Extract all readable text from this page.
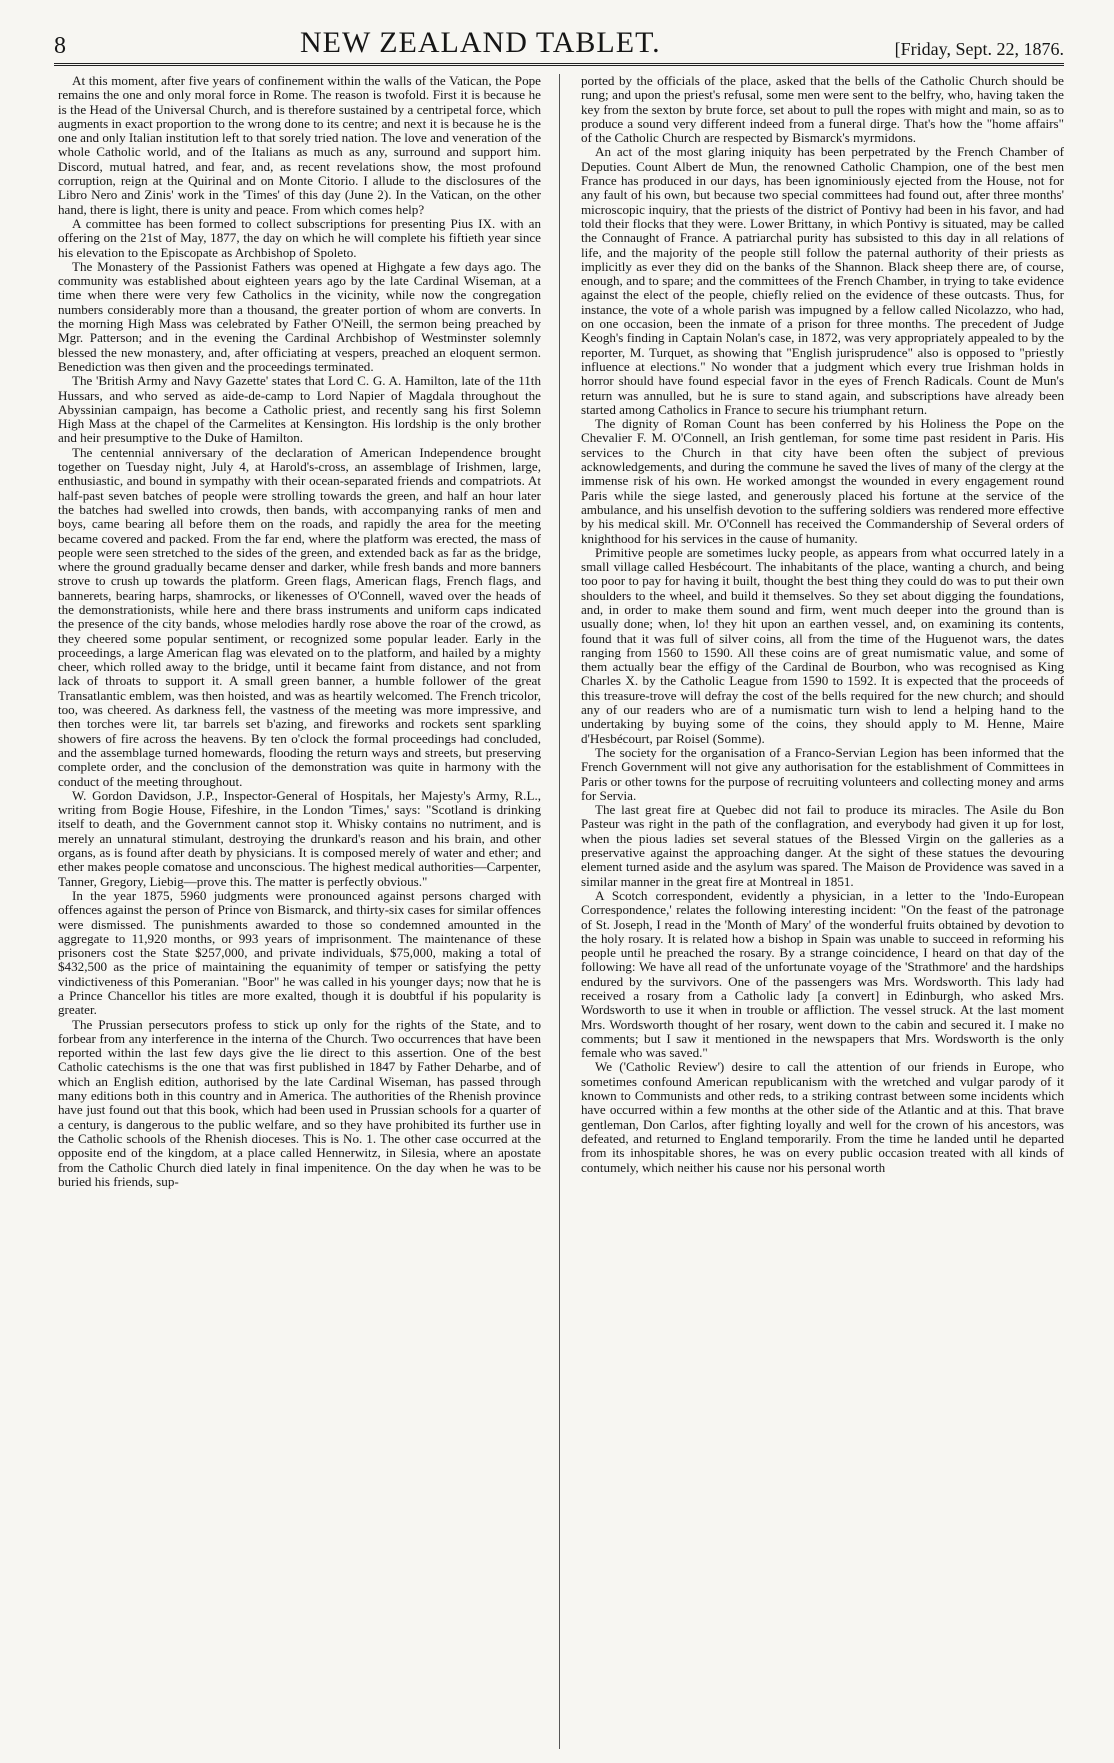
8	NEW ZEALAND TABLET.	[Friday, Sept. 22, 1876.

At this moment, after five years of confinement within the walls of the Vatican, the Pope remains the one and only moral force in Rome. The reason is twofold. First it is because he is the Head of the Universal Church, and is therefore sustained by a centripetal force, which augments in exact proportion to the wrong done to its centre; and next it is because he is the one and only Italian institution left to that sorely tried nation. The love and veneration of the whole Catholic world, and of the Italians as much as any, surround and support him. Discord, mutual hatred, and fear, and, as recent revelations show, the most profound corruption, reign at the Quirinal and on Monte Citorio. I allude to the disclosures of the Libro Nero and Zinis' work in the 'Times' of this day (June 2). In the Vatican, on the other hand, there is light, there is unity and peace. From which comes help?

A committee has been formed to collect subscriptions for presenting Pius IX. with an offering on the 21st of May, 1877, the day on which he will complete his fiftieth year since his elevation to the Episcopate as Archbishop of Spoleto.

The Monastery of the Passionist Fathers was opened at Highgate a few days ago. The community was established about eighteen years ago by the late Cardinal Wiseman, at a time when there were very few Catholics in the vicinity, while now the congregation numbers considerably more than a thousand, the greater portion of whom are converts. In the morning High Mass was celebrated by Father O'Neill, the sermon being preached by Mgr. Patterson; and in the evening the Cardinal Archbishop of Westminster solemnly blessed the new monastery, and, after officiating at vespers, preached an eloquent sermon. Benediction was then given and the proceedings terminated.

The 'British Army and Navy Gazette' states that Lord C. G. A. Hamilton, late of the 11th Hussars, and who served as aide-de-camp to Lord Napier of Magdala throughout the Abyssinian campaign, has become a Catholic priest, and recently sang his first Solemn High Mass at the chapel of the Carmelites at Kensington. His lordship is the only brother and heir presumptive to the Duke of Hamilton.

The centennial anniversary of the declaration of American Independence brought together on Tuesday night, July 4, at Harold's-cross, an assemblage of Irishmen, large, enthusiastic, and bound in sympathy with their ocean-separated friends and compatriots. At half-past seven batches of people were strolling towards the green, and half an hour later the batches had swelled into crowds, then bands, with accompanying ranks of men and boys, came bearing all before them on the roads, and rapidly the area for the meeting became covered and packed. From the far end, where the platform was erected, the mass of people were seen stretched to the sides of the green, and extended back as far as the bridge, where the ground gradually became denser and darker, while fresh bands and more banners strove to crush up towards the platform. Green flags, American flags, French flags, and bannerets, bearing harps, shamrocks, or likenesses of O'Connell, waved over the heads of the demonstrationists, while here and there brass instruments and uniform caps indicated the presence of the city bands, whose melodies hardly rose above the roar of the crowd, as they cheered some popular sentiment, or recognized some popular leader. Early in the proceedings, a large American flag was elevated on to the platform, and hailed by a mighty cheer, which rolled away to the bridge, until it became faint from distance, and not from lack of throats to support it. A small green banner, a humble follower of the great Transatlantic emblem, was then hoisted, and was as heartily welcomed. The French tricolor, too, was cheered. As darkness fell, the vastness of the meeting was more impressive, and then torches were lit, tar barrels set b'azing, and fireworks and rockets sent sparkling showers of fire across the heavens. By ten o'clock the formal proceedings had concluded, and the assemblage turned homewards, flooding the return ways and streets, but preserving complete order, and the conclusion of the demonstration was quite in harmony with the conduct of the meeting throughout.

W. Gordon Davidson, J.P., Inspector-General of Hospitals, her Majesty's Army, R.L., writing from Bogie House, Fifeshire, in the London 'Times,' says: "Scotland is drinking itself to death, and the Government cannot stop it. Whisky contains no nutriment, and is merely an unnatural stimulant, destroying the drunkard's reason and his brain, and other organs, as is found after death by physicians. It is composed merely of water and ether; and ether makes people comatose and unconscious. The highest medical authorities—Carpenter, Tanner, Gregory, Liebig—prove this. The matter is perfectly obvious."

In the year 1875, 5960 judgments were pronounced against persons charged with offences against the person of Prince von Bismarck, and thirty-six cases for similar offences were dismissed. The punishments awarded to those so condemned amounted in the aggregate to 11,920 months, or 993 years of imprisonment. The maintenance of these prisoners cost the State $257,000, and private individuals, $75,000, making a total of $432,500 as the price of maintaining the equanimity of temper or satisfying the petty vindictiveness of this Pomeranian. "Boor" he was called in his younger days; now that he is a Prince Chancellor his titles are more exalted, though it is doubtful if his popularity is greater.

The Prussian persecutors profess to stick up only for the rights of the State, and to forbear from any interference in the interna of the Church. Two occurrences that have been reported within the last few days give the lie direct to this assertion. One of the best Catholic catechisms is the one that was first published in 1847 by Father Deharbe, and of which an English edition, authorised by the late Cardinal Wiseman, has passed through many editions both in this country and in America. The authorities of the Rhenish province have just found out that this book, which had been used in Prussian schools for a quarter of a century, is dangerous to the public welfare, and so they have prohibited its further use in the Catholic schools of the Rhenish dioceses. This is No. 1. The other case occurred at the opposite end of the kingdom, at a place called Hennerwitz, in Silesia, where an apostate from the Catholic Church died lately in final impenitence. On the day when he was to be buried his friends, sup-

ported by the officials of the place, asked that the bells of the Catholic Church should be rung; and upon the priest's refusal, some men were sent to the belfry, who, having taken the key from the sexton by brute force, set about to pull the ropes with might and main, so as to produce a sound very different indeed from a funeral dirge. That's how the "home affairs" of the Catholic Church are respected by Bismarck's myrmidons.

An act of the most glaring iniquity has been perpetrated by the French Chamber of Deputies. Count Albert de Mun, the renowned Catholic Champion, one of the best men France has produced in our days, has been ignominiously ejected from the House, not for any fault of his own, but because two special committees had found out, after three months' microscopic inquiry, that the priests of the district of Pontivy had been in his favor, and had told their flocks that they were. Lower Brittany, in which Pontivy is situated, may be called the Connaught of France. A patriarchal purity has subsisted to this day in all relations of life, and the majority of the people still follow the paternal authority of their priests as implicitly as ever they did on the banks of the Shannon. Black sheep there are, of course, enough, and to spare; and the committees of the French Chamber, in trying to take evidence against the elect of the people, chiefly relied on the evidence of these outcasts. Thus, for instance, the vote of a whole parish was impugned by a fellow called Nicolazzo, who had, on one occasion, been the inmate of a prison for three months. The precedent of Judge Keogh's finding in Captain Nolan's case, in 1872, was very appropriately appealed to by the reporter, M. Turquet, as showing that "English jurisprudence" also is opposed to "priestly influence at elections." No wonder that a judgment which every true Irishman holds in horror should have found especial favor in the eyes of French Radicals. Count de Mun's return was annulled, but he is sure to stand again, and subscriptions have already been started among Catholics in France to secure his triumphant return.

The dignity of Roman Count has been conferred by his Holiness the Pope on the Chevalier F. M. O'Connell, an Irish gentleman, for some time past resident in Paris. His services to the Church in that city have been often the subject of previous acknowledgements, and during the commune he saved the lives of many of the clergy at the immense risk of his own. He worked amongst the wounded in every engagement round Paris while the siege lasted, and generously placed his fortune at the service of the ambulance, and his unselfish devotion to the suffering soldiers was rendered more effective by his medical skill. Mr. O'Connell has received the Commandership of Several orders of knighthood for his services in the cause of humanity.

Primitive people are sometimes lucky people, as appears from what occurred lately in a small village called Hesbécourt. The inhabitants of the place, wanting a church, and being too poor to pay for having it built, thought the best thing they could do was to put their own shoulders to the wheel, and build it themselves. So they set about digging the foundations, and, in order to make them sound and firm, went much deeper into the ground than is usually done; when, lo! they hit upon an earthen vessel, and, on examining its contents, found that it was full of silver coins, all from the time of the Huguenot wars, the dates ranging from 1560 to 1590. All these coins are of great numismatic value, and some of them actually bear the effigy of the Cardinal de Bourbon, who was recognised as King Charles X. by the Catholic League from 1590 to 1592. It is expected that the proceeds of this treasure-trove will defray the cost of the bells required for the new church; and should any of our readers who are of a numismatic turn wish to lend a helping hand to the undertaking by buying some of the coins, they should apply to M. Henne, Maire d'Hesbécourt, par Roisel (Somme).

The society for the organisation of a Franco-Servian Legion has been informed that the French Government will not give any authorisation for the establishment of Committees in Paris or other towns for the purpose of recruiting volunteers and collecting money and arms for Servia.

The last great fire at Quebec did not fail to produce its miracles. The Asile du Bon Pasteur was right in the path of the conflagration, and everybody had given it up for lost, when the pious ladies set several statues of the Blessed Virgin on the galleries as a preservative against the approaching danger. At the sight of these statues the devouring element turned aside and the asylum was spared. The Maison de Providence was saved in a similar manner in the great fire at Montreal in 1851.

A Scotch correspondent, evidently a physician, in a letter to the 'Indo-European Correspondence,' relates the following interesting incident: "On the feast of the patronage of St. Joseph, I read in the 'Month of Mary' of the wonderful fruits obtained by devotion to the holy rosary. It is related how a bishop in Spain was unable to succeed in reforming his people until he preached the rosary. By a strange coincidence, I heard on that day of the following: We have all read of the unfortunate voyage of the 'Strathmore' and the hardships endured by the survivors. One of the passengers was Mrs. Wordsworth. This lady had received a rosary from a Catholic lady [a convert] in Edinburgh, who asked Mrs. Wordsworth to use it when in trouble or affliction. The vessel struck. At the last moment Mrs. Wordsworth thought of her rosary, went down to the cabin and secured it. I make no comments; but I saw it mentioned in the newspapers that Mrs. Wordsworth is the only female who was saved."

We ('Catholic Review') desire to call the attention of our friends in Europe, who sometimes confound American republicanism with the wretched and vulgar parody of it known to Communists and other reds, to a striking contrast between some incidents which have occurred within a few months at the other side of the Atlantic and at this. That brave gentleman, Don Carlos, after fighting loyally and well for the crown of his ancestors, was defeated, and returned to England temporarily. From the time he landed until he departed from its inhospitable shores, he was on every public occasion treated with all kinds of contumely, which neither his cause nor his personal worth
